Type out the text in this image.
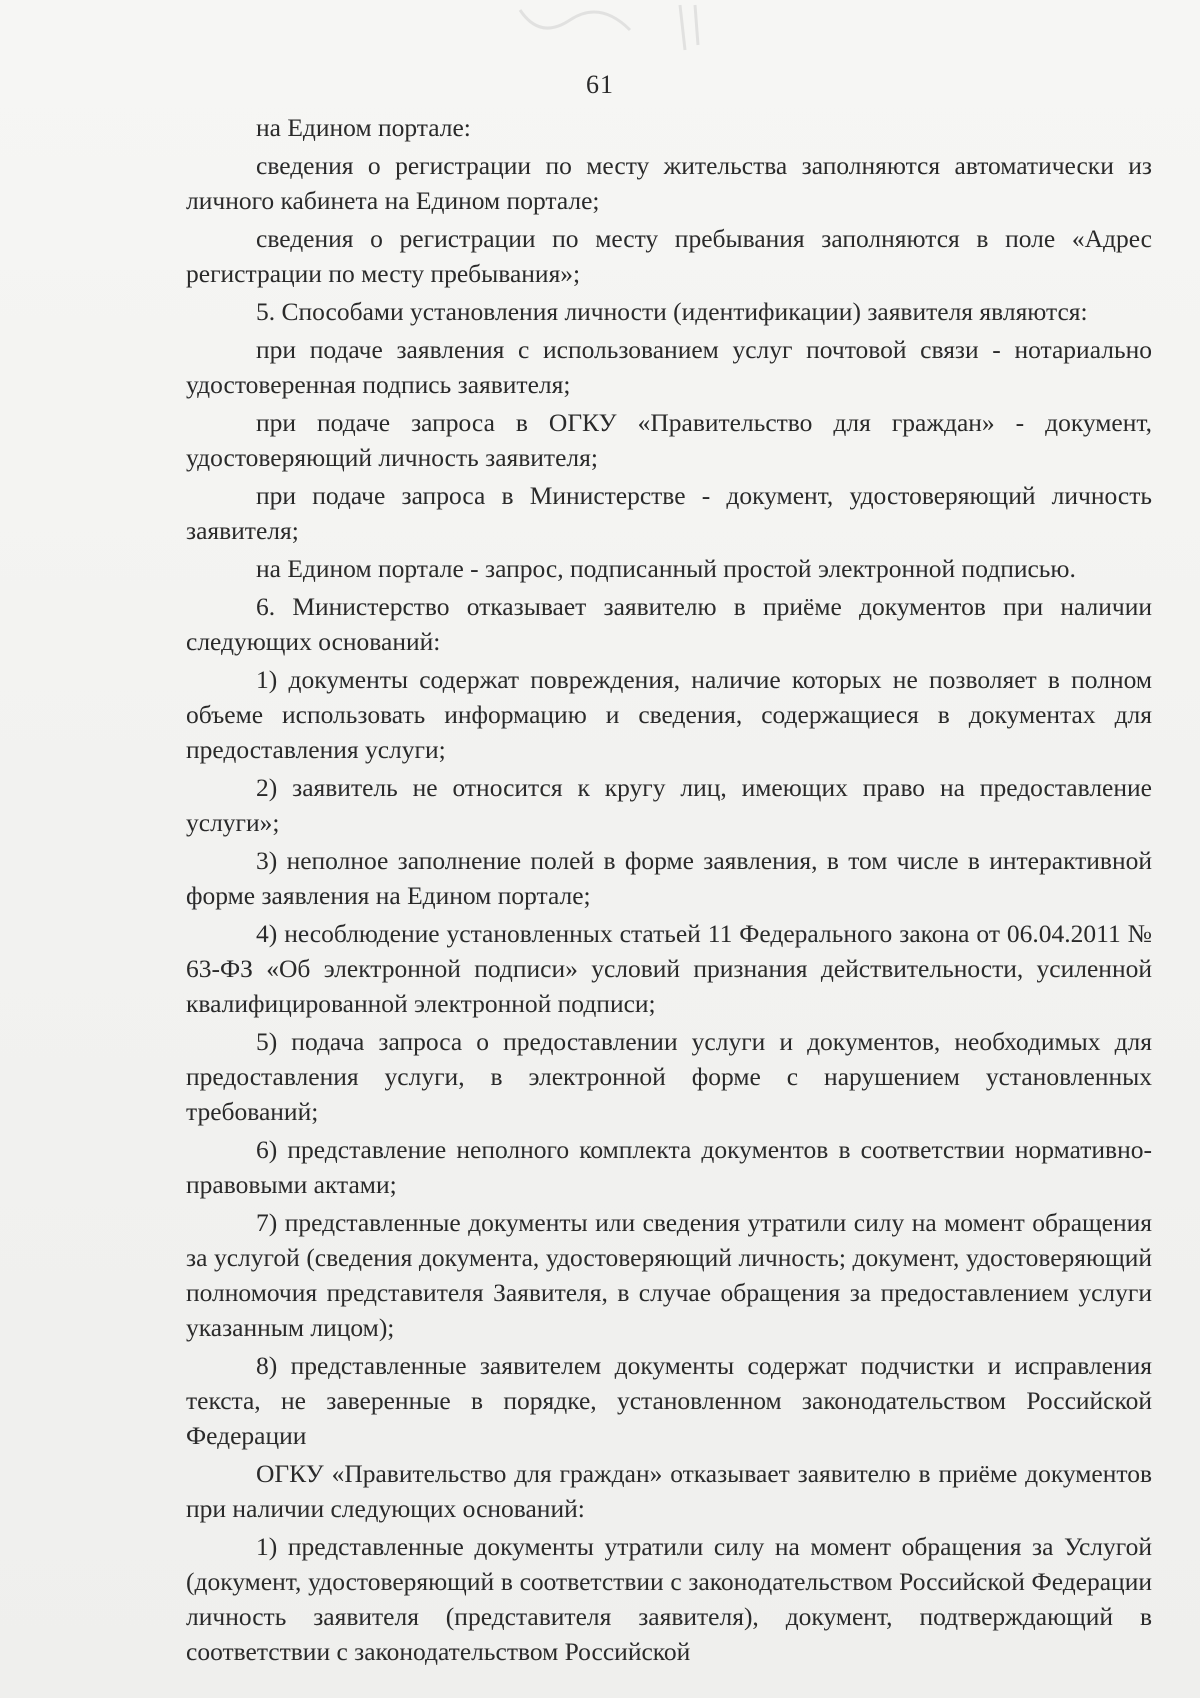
61

на Едином портале:

сведения о регистрации по месту жительства заполняются автоматически из личного кабинета на Едином портале;

сведения о регистрации по месту пребывания заполняются в поле «Адрес регистрации по месту пребывания»;

5. Способами установления личности (идентификации) заявителя являются:

при подаче заявления с использованием услуг почтовой связи - нотариально удостоверенная подпись заявителя;

при подаче запроса в ОГКУ «Правительство для граждан» - документ, удостоверяющий личность заявителя;

при подаче запроса в Министерстве - документ, удостоверяющий личность заявителя;

на Едином портале - запрос, подписанный простой электронной подписью.

6. Министерство отказывает заявителю в приёме документов при наличии следующих оснований:

1) документы содержат повреждения, наличие которых не позволяет в полном объеме использовать информацию и сведения, содержащиеся в документах для предоставления услуги;

2) заявитель не относится к кругу лиц, имеющих право на предоставление услуги»;

3) неполное заполнение полей в форме заявления, в том числе в интерактивной форме заявления на Едином портале;

4) несоблюдение установленных статьей 11 Федерального закона от 06.04.2011 № 63-ФЗ «Об электронной подписи» условий признания действительности, усиленной квалифицированной электронной подписи;

5) подача запроса о предоставлении услуги и документов, необходимых для предоставления услуги, в электронной форме с нарушением установленных требований;

6) представление неполного комплекта документов в соответствии нормативно-правовыми актами;

7) представленные документы или сведения утратили силу на момент обращения за услугой (сведения документа, удостоверяющий личность; документ, удостоверяющий полномочия представителя Заявителя, в случае обращения за предоставлением услуги указанным лицом);

8) представленные заявителем документы содержат подчистки и исправления текста, не заверенные в порядке, установленном законодательством Российской Федерации

ОГКУ «Правительство для граждан» отказывает заявителю в приёме документов при наличии следующих оснований:

1) представленные документы утратили силу на момент обращения за Услугой (документ, удостоверяющий в соответствии с законодательством Российской Федерации личность заявителя (представителя заявителя), документ, подтверждающий в соответствии с законодательством Российской
